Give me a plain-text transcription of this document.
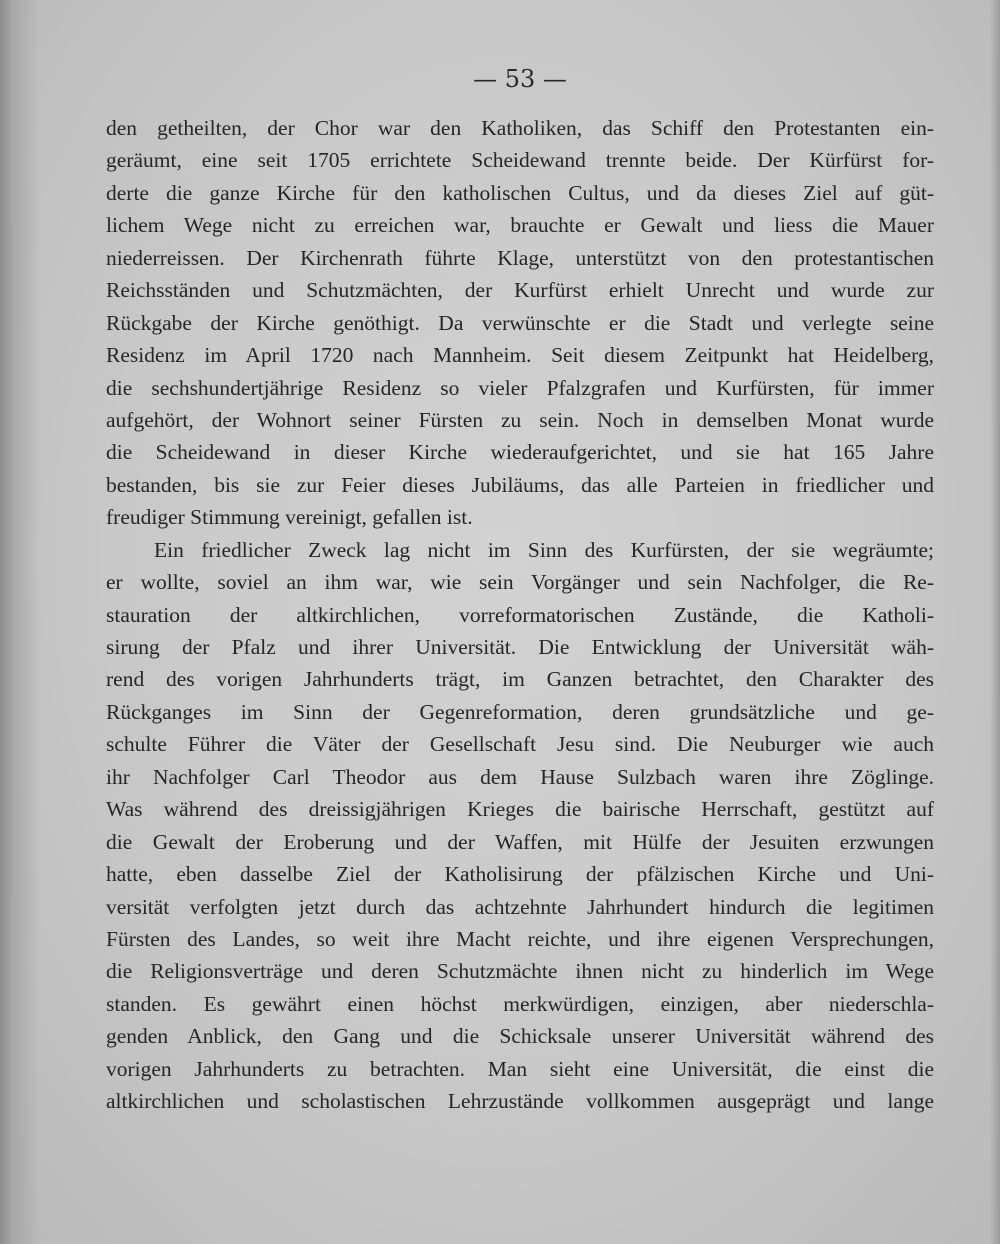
— 53 —
den getheilten, der Chor war den Katholiken, das Schiff den Protestanten ein-
geräumt, eine seit 1705 errichtete Scheidewand trennte beide. Der Kürfürst for-
derte die ganze Kirche für den katholischen Cultus, und da dieses Ziel auf güt-
lichem Wege nicht zu erreichen war, brauchte er Gewalt und liess die Mauer
niederreissen. Der Kirchenrath führte Klage, unterstützt von den protestantischen
Reichsständen und Schutzmächten, der Kurfürst erhielt Unrecht und wurde zur
Rückgabe der Kirche genöthigt. Da verwünschte er die Stadt und verlegte seine
Residenz im April 1720 nach Mannheim. Seit diesem Zeitpunkt hat Heidelberg,
die sechshundertjährige Residenz so vieler Pfalzgrafen und Kurfürsten, für immer
aufgehört, der Wohnort seiner Fürsten zu sein. Noch in demselben Monat wurde
die Scheidewand in dieser Kirche wiederaufgerichtet, und sie hat 165 Jahre
bestanden, bis sie zur Feier dieses Jubiläums, das alle Parteien in friedlicher und
freudiger Stimmung vereinigt, gefallen ist.
Ein friedlicher Zweck lag nicht im Sinn des Kurfürsten, der sie wegräumte;
er wollte, soviel an ihm war, wie sein Vorgänger und sein Nachfolger, die Re-
stauration der altkirchlichen, vorreformatorischen Zustände, die Katholi-
sirung der Pfalz und ihrer Universität. Die Entwicklung der Universität wäh-
rend des vorigen Jahrhunderts trägt, im Ganzen betrachtet, den Charakter des
Rückganges im Sinn der Gegenreformation, deren grundsätzliche und ge-
schulte Führer die Väter der Gesellschaft Jesu sind. Die Neuburger wie auch
ihr Nachfolger Carl Theodor aus dem Hause Sulzbach waren ihre Zöglinge.
Was während des dreissigjährigen Krieges die bairische Herrschaft, gestützt auf
die Gewalt der Eroberung und der Waffen, mit Hülfe der Jesuiten erzwungen
hatte, eben dasselbe Ziel der Katholisirung der pfälzischen Kirche und Uni-
versität verfolgten jetzt durch das achtzehnte Jahrhundert hindurch die legitimen
Fürsten des Landes, so weit ihre Macht reichte, und ihre eigenen Versprechungen,
die Religionsverträge und deren Schutzmächte ihnen nicht zu hinderlich im Wege
standen. Es gewährt einen höchst merkwürdigen, einzigen, aber niederschla-
genden Anblick, den Gang und die Schicksale unserer Universität während des
vorigen Jahrhunderts zu betrachten. Man sieht eine Universität, die einst die
altkirchlichen und scholastischen Lehrzustände vollkommen ausgeprägt und lange
